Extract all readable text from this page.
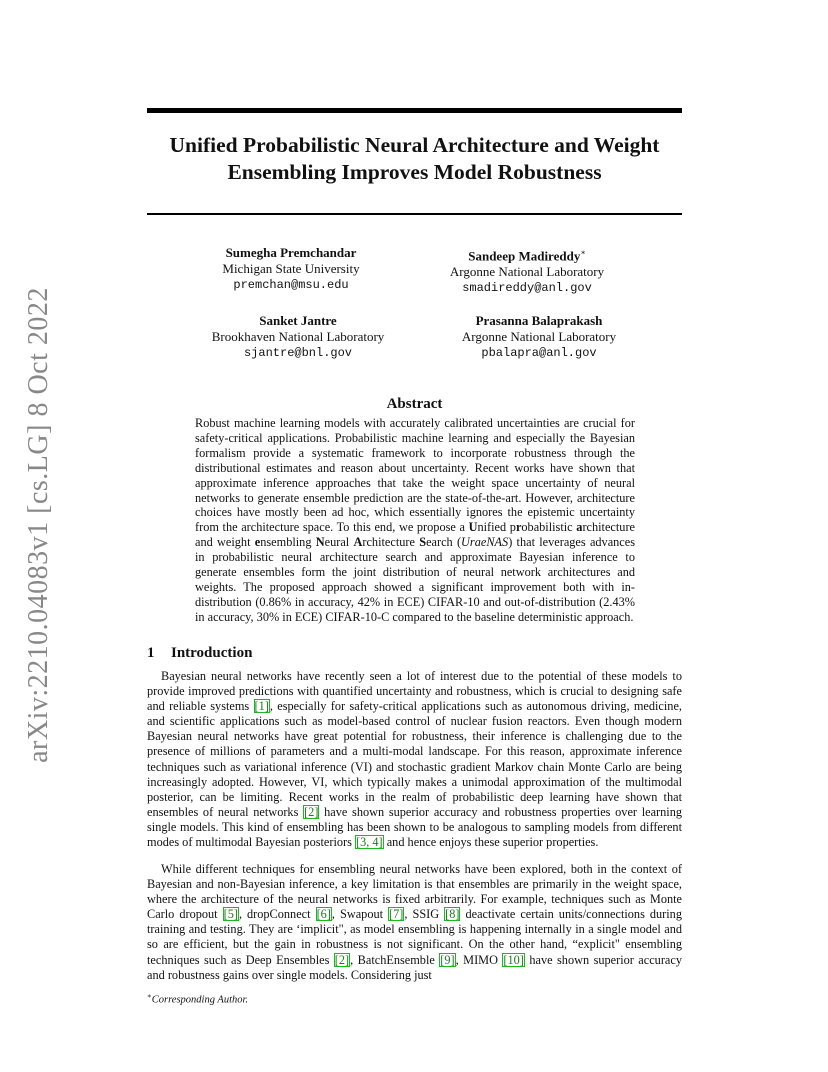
arXiv:2210.04083v1 [cs.LG] 8 Oct 2022
Unified Probabilistic Neural Architecture and Weight Ensembling Improves Model Robustness
Sumegha Premchandar
Michigan State University
premchan@msu.edu
Sandeep Madireddy∗
Argonne National Laboratory
smadireddy@anl.gov
Sanket Jantre
Brookhaven National Laboratory
sjantre@bnl.gov
Prasanna Balaprakash
Argonne National Laboratory
pbalapra@anl.gov
Abstract

Robust machine learning models with accurately calibrated uncertainties are crucial for safety-critical applications. Probabilistic machine learning and especially the Bayesian formalism provide a systematic framework to incorporate robustness through the distributional estimates and reason about uncertainty. Recent works have shown that approximate inference approaches that take the weight space uncertainty of neural networks to generate ensemble prediction are the state-of-the-art. However, architecture choices have mostly been ad hoc, which essentially ignores the epistemic uncertainty from the architecture space. To this end, we propose a Unified probabilistic architecture and weight ensembling Neural Architecture Search (UraeNAS) that leverages advances in probabilistic neural architecture search and approximate Bayesian inference to generate ensembles form the joint distribution of neural network architectures and weights. The proposed approach showed a significant improvement both with in-distribution (0.86% in accuracy, 42% in ECE) CIFAR-10 and out-of-distribution (2.43% in accuracy, 30% in ECE) CIFAR-10-C compared to the baseline deterministic approach.

1 Introduction

Bayesian neural networks have recently seen a lot of interest due to the potential of these models to provide improved predictions with quantified uncertainty and robustness, which is crucial to designing safe and reliable systems [1], especially for safety-critical applications such as autonomous driving, medicine, and scientific applications such as model-based control of nuclear fusion reactors. Even though modern Bayesian neural networks have great potential for robustness, their inference is challenging due to the presence of millions of parameters and a multi-modal landscape. For this reason, approximate inference techniques such as variational inference (VI) and stochastic gradient Markov chain Monte Carlo are being increasingly adopted. However, VI, which typically makes a unimodal approximation of the multimodal posterior, can be limiting. Recent works in the realm of probabilistic deep learning have shown that ensembles of neural networks [2] have shown superior accuracy and robustness properties over learning single models. This kind of ensembling has been shown to be analogous to sampling models from different modes of multimodal Bayesian posteriors [3, 4] and hence enjoys these superior properties.

While different techniques for ensembling neural networks have been explored, both in the context of Bayesian and non-Bayesian inference, a key limitation is that ensembles are primarily in the weight space, where the architecture of the neural networks is fixed arbitrarily. For example, techniques such as Monte Carlo dropout [5], dropConnect [6], Swapout [7], SSIG [8] deactivate certain units/connections during training and testing. They are ‘implicit", as model ensembling is happening internally in a single model and so are efficient, but the gain in robustness is not significant. On the other hand, “explicit" ensembling techniques such as Deep Ensembles [2], BatchEnsemble [9], MIMO [10] have shown superior accuracy and robustness gains over single models. Considering just

∗Corresponding Author.
